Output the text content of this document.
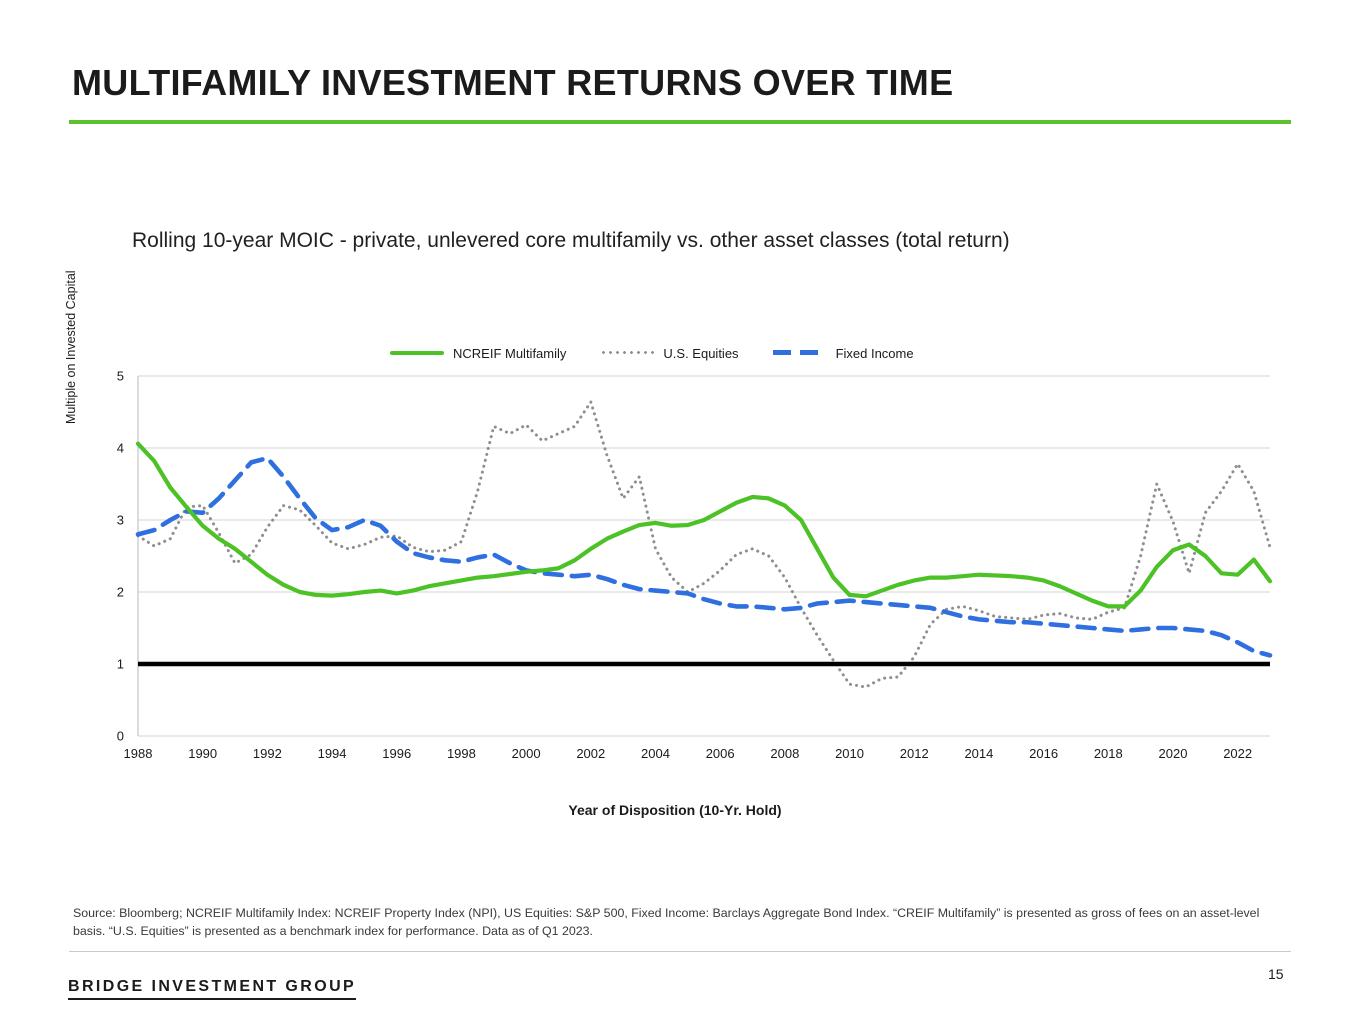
MULTIFAMILY INVESTMENT RETURNS OVER TIME
Rolling 10-year MOIC - private, unlevered core multifamily vs. other asset classes (total return)
NCREIF Multifamily	U.S. Equities	Fixed Income
Multiple on Invested Capital
0
1
2
3
4
5
1988	1990	1992	1994	1996	1998	2000	2002	2004	2006	2008	2010	2012	2014	2016	2018	2020	2022
Year of Disposition (10-Yr. Hold)
Source: Bloomberg; NCREIF Multifamily Index: NCREIF Property Index (NPI), US Equities: S&P 500, Fixed Income: Barclays Aggregate Bond Index. “CREIF Multifamily” is presented as gross of fees on an asset-level basis. “U.S. Equities” is presented as a benchmark index for performance. Data as of Q1 2023.
BRIDGE INVESTMENT GROUP
15
